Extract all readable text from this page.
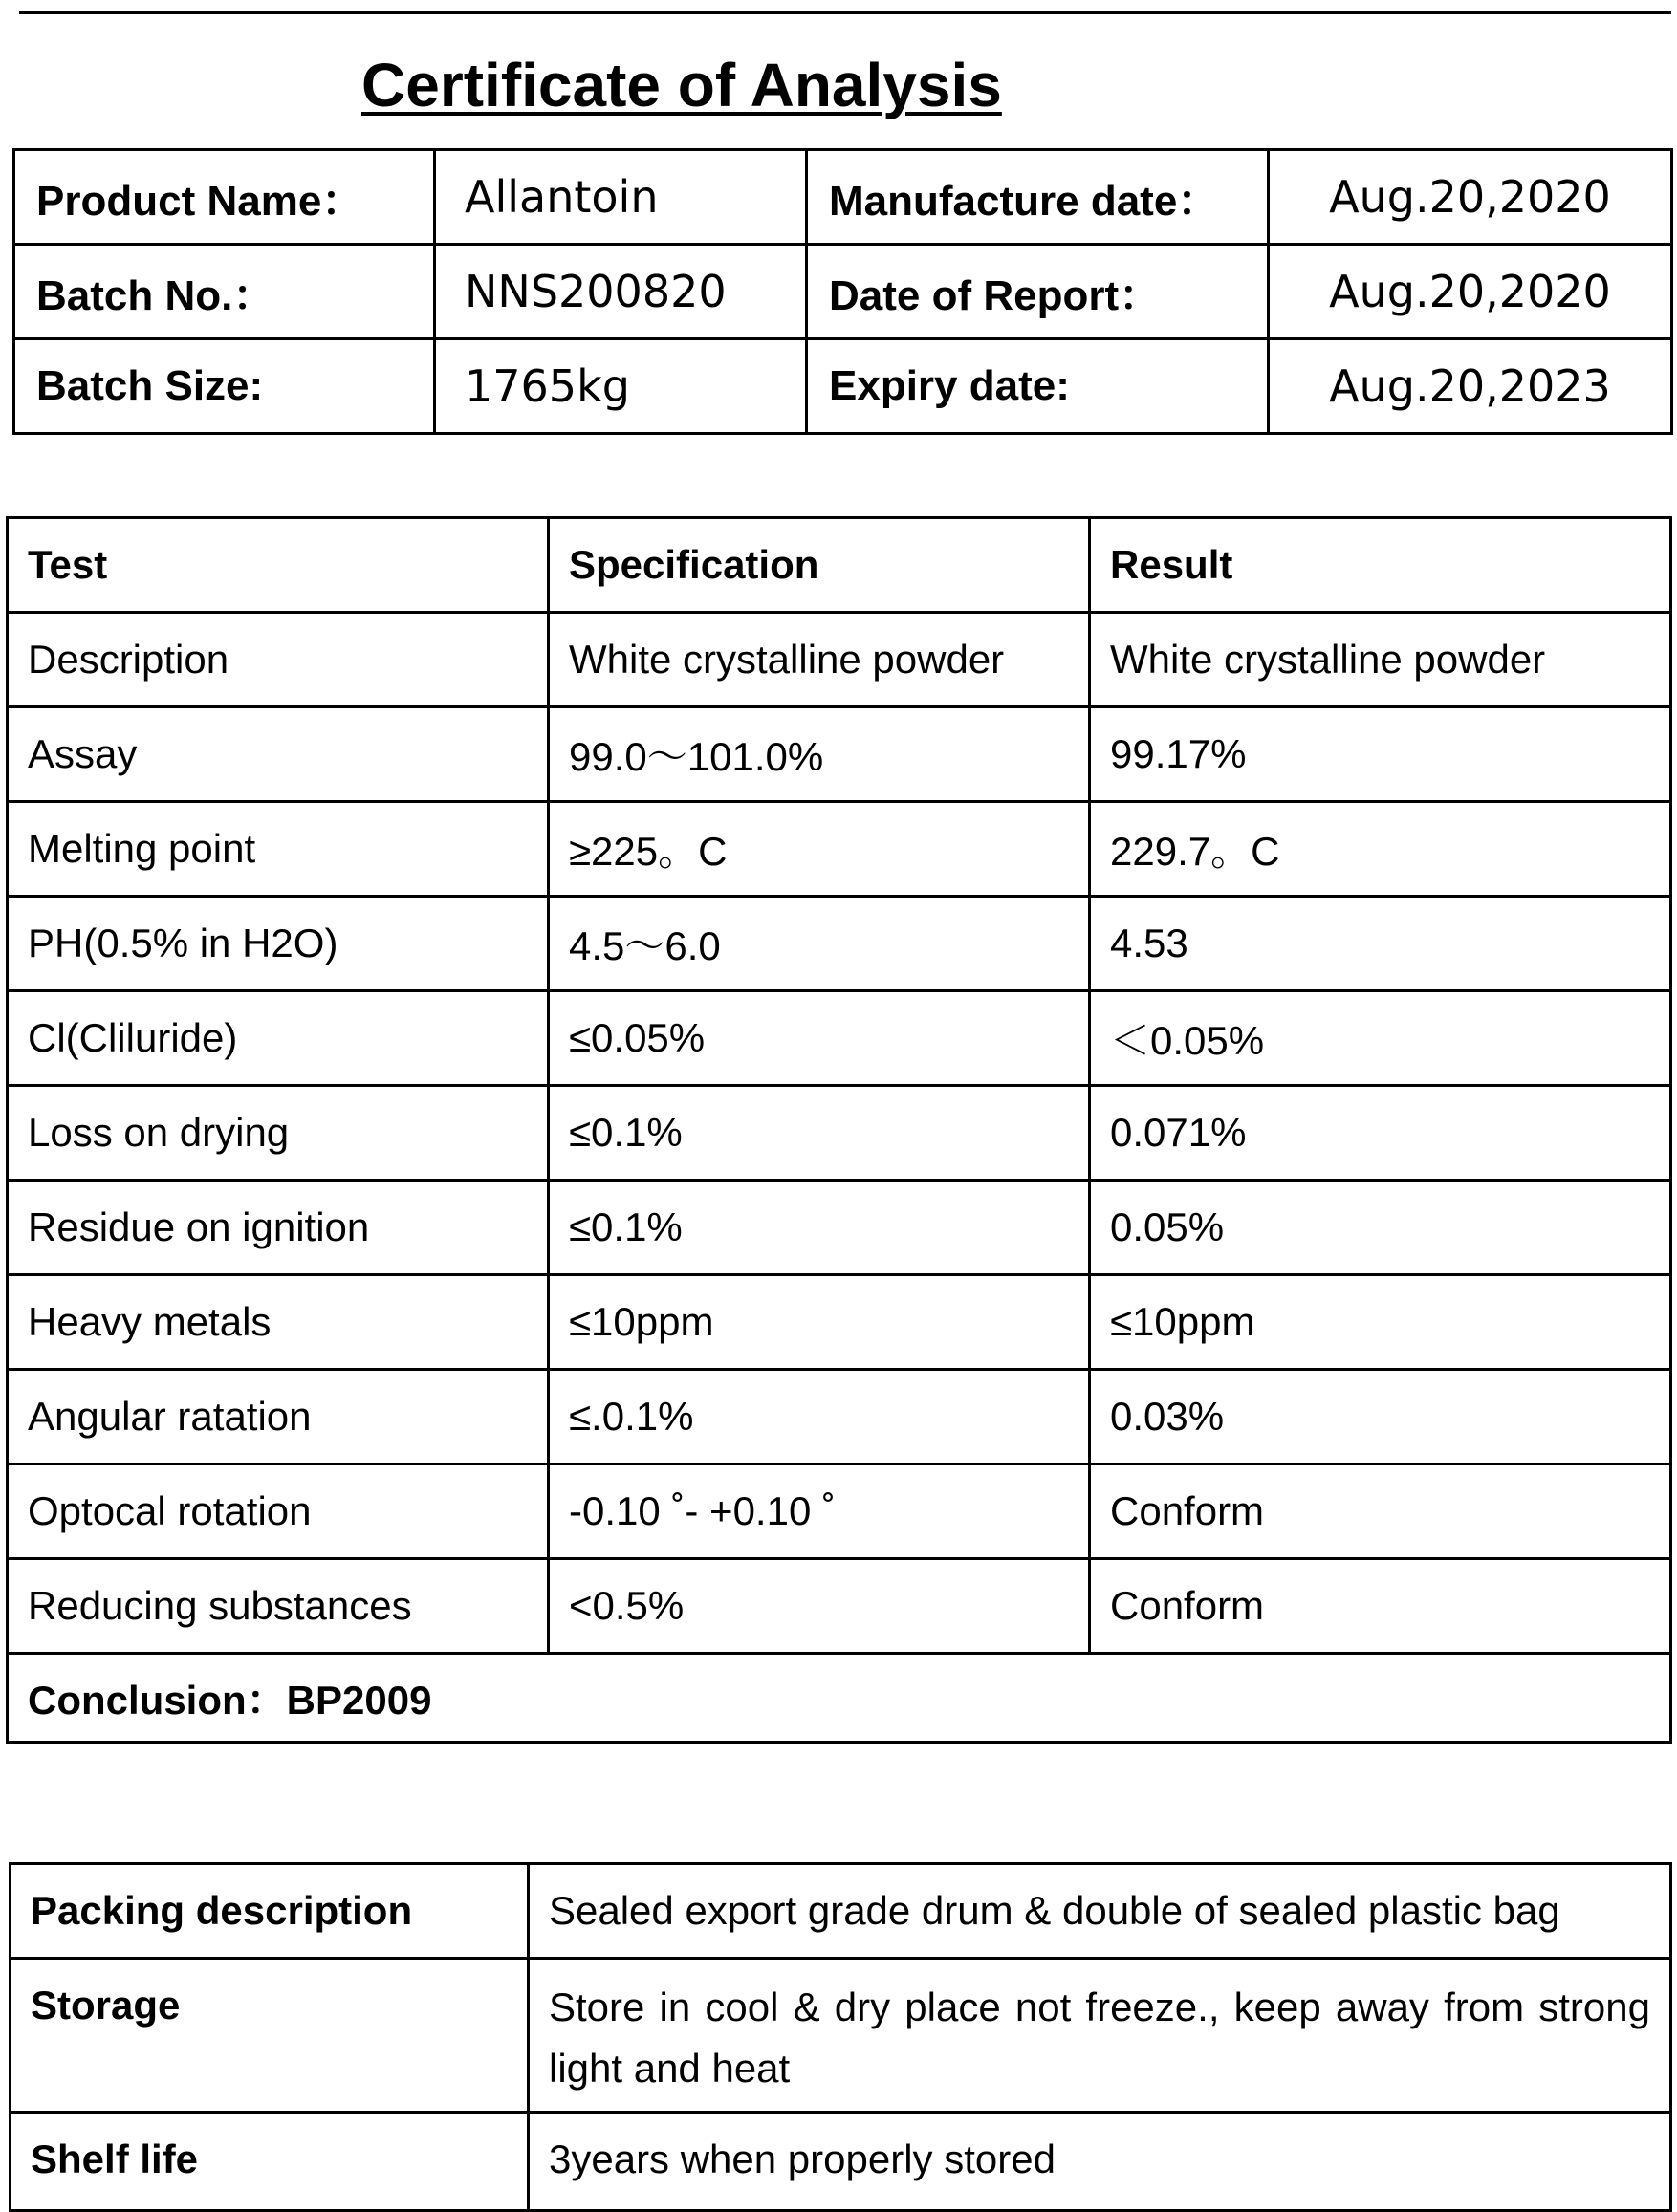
Certificate of Analysis
Product Name：	Allantoin	Manufacture date：	Aug.20,2020
Batch No.：	NNS200820	Date of Report：	Aug.20,2020
Batch Size:	1765kg	Expiry date:	Aug.20,2023
Test	Specification	Result
Description	White crystalline powder	White crystalline powder
Assay	99.0～101.0%	99.17%
Melting point	≥225。C	229.7。C
PH(0.5% in H2O)	4.5～6.0	4.53
Cl(Cliluride)	≤0.05%	＜0.05%
Loss on drying	≤0.1%	0.071%
Residue on ignition	≤0.1%	0.05%
Heavy metals	≤10ppm	≤10ppm
Angular ratation	≤.0.1%	0.03%
Optocal rotation	-0.10 ˚- +0.10 ˚	Conform
Reducing substances	<0.5%	Conform
Conclusion：BP2009		
Packing description	Sealed export grade drum & double of sealed plastic bag
Storage	Store in cool & dry place not freeze., keep away from strong light and heat
Shelf life	3years when properly stored
